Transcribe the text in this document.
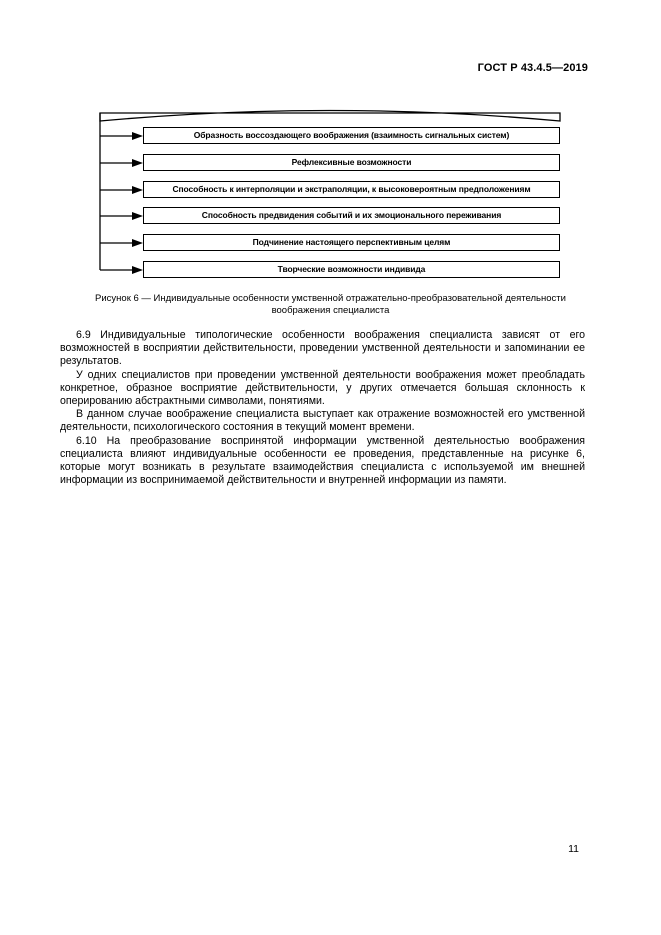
ГОСТ Р 43.4.5—2019
Образность воссоздающего воображения (взаимность сигнальных систем)
Рефлексивные возможности
Способность к интерполяции и экстраполяции, к высоковероятным предположениям
Способность предвидения событий и их эмоционального переживания
Подчинение настоящего перспективным целям
Творческие возможности индивида
Рисунок 6 — Индивидуальные особенности умственной отражательно-преобразовательной деятельности
воображения специалиста

6.9 Индивидуальные типологические особенности воображения специалиста зависят от его возможностей в восприятии действительности, проведении умственной деятельности и запоминании ее результатов.

У одних специалистов при проведении умственной деятельности воображения может преобладать конкретное, образное восприятие действительности, у других отмечается большая склонность к оперированию абстрактными символами, понятиями.

В данном случае воображение специалиста выступает как отражение возможностей его умственной деятельности, психологического состояния в текущий момент времени.

6.10 На преобразование воспринятой информации умственной деятельностью воображения специалиста влияют индивидуальные особенности ее проведения, представленные на рисунке 6, которые могут возникать в результате взаимодействия специалиста с используемой им внешней информации из воспринимаемой действительности и внутренней информации из памяти.

11
